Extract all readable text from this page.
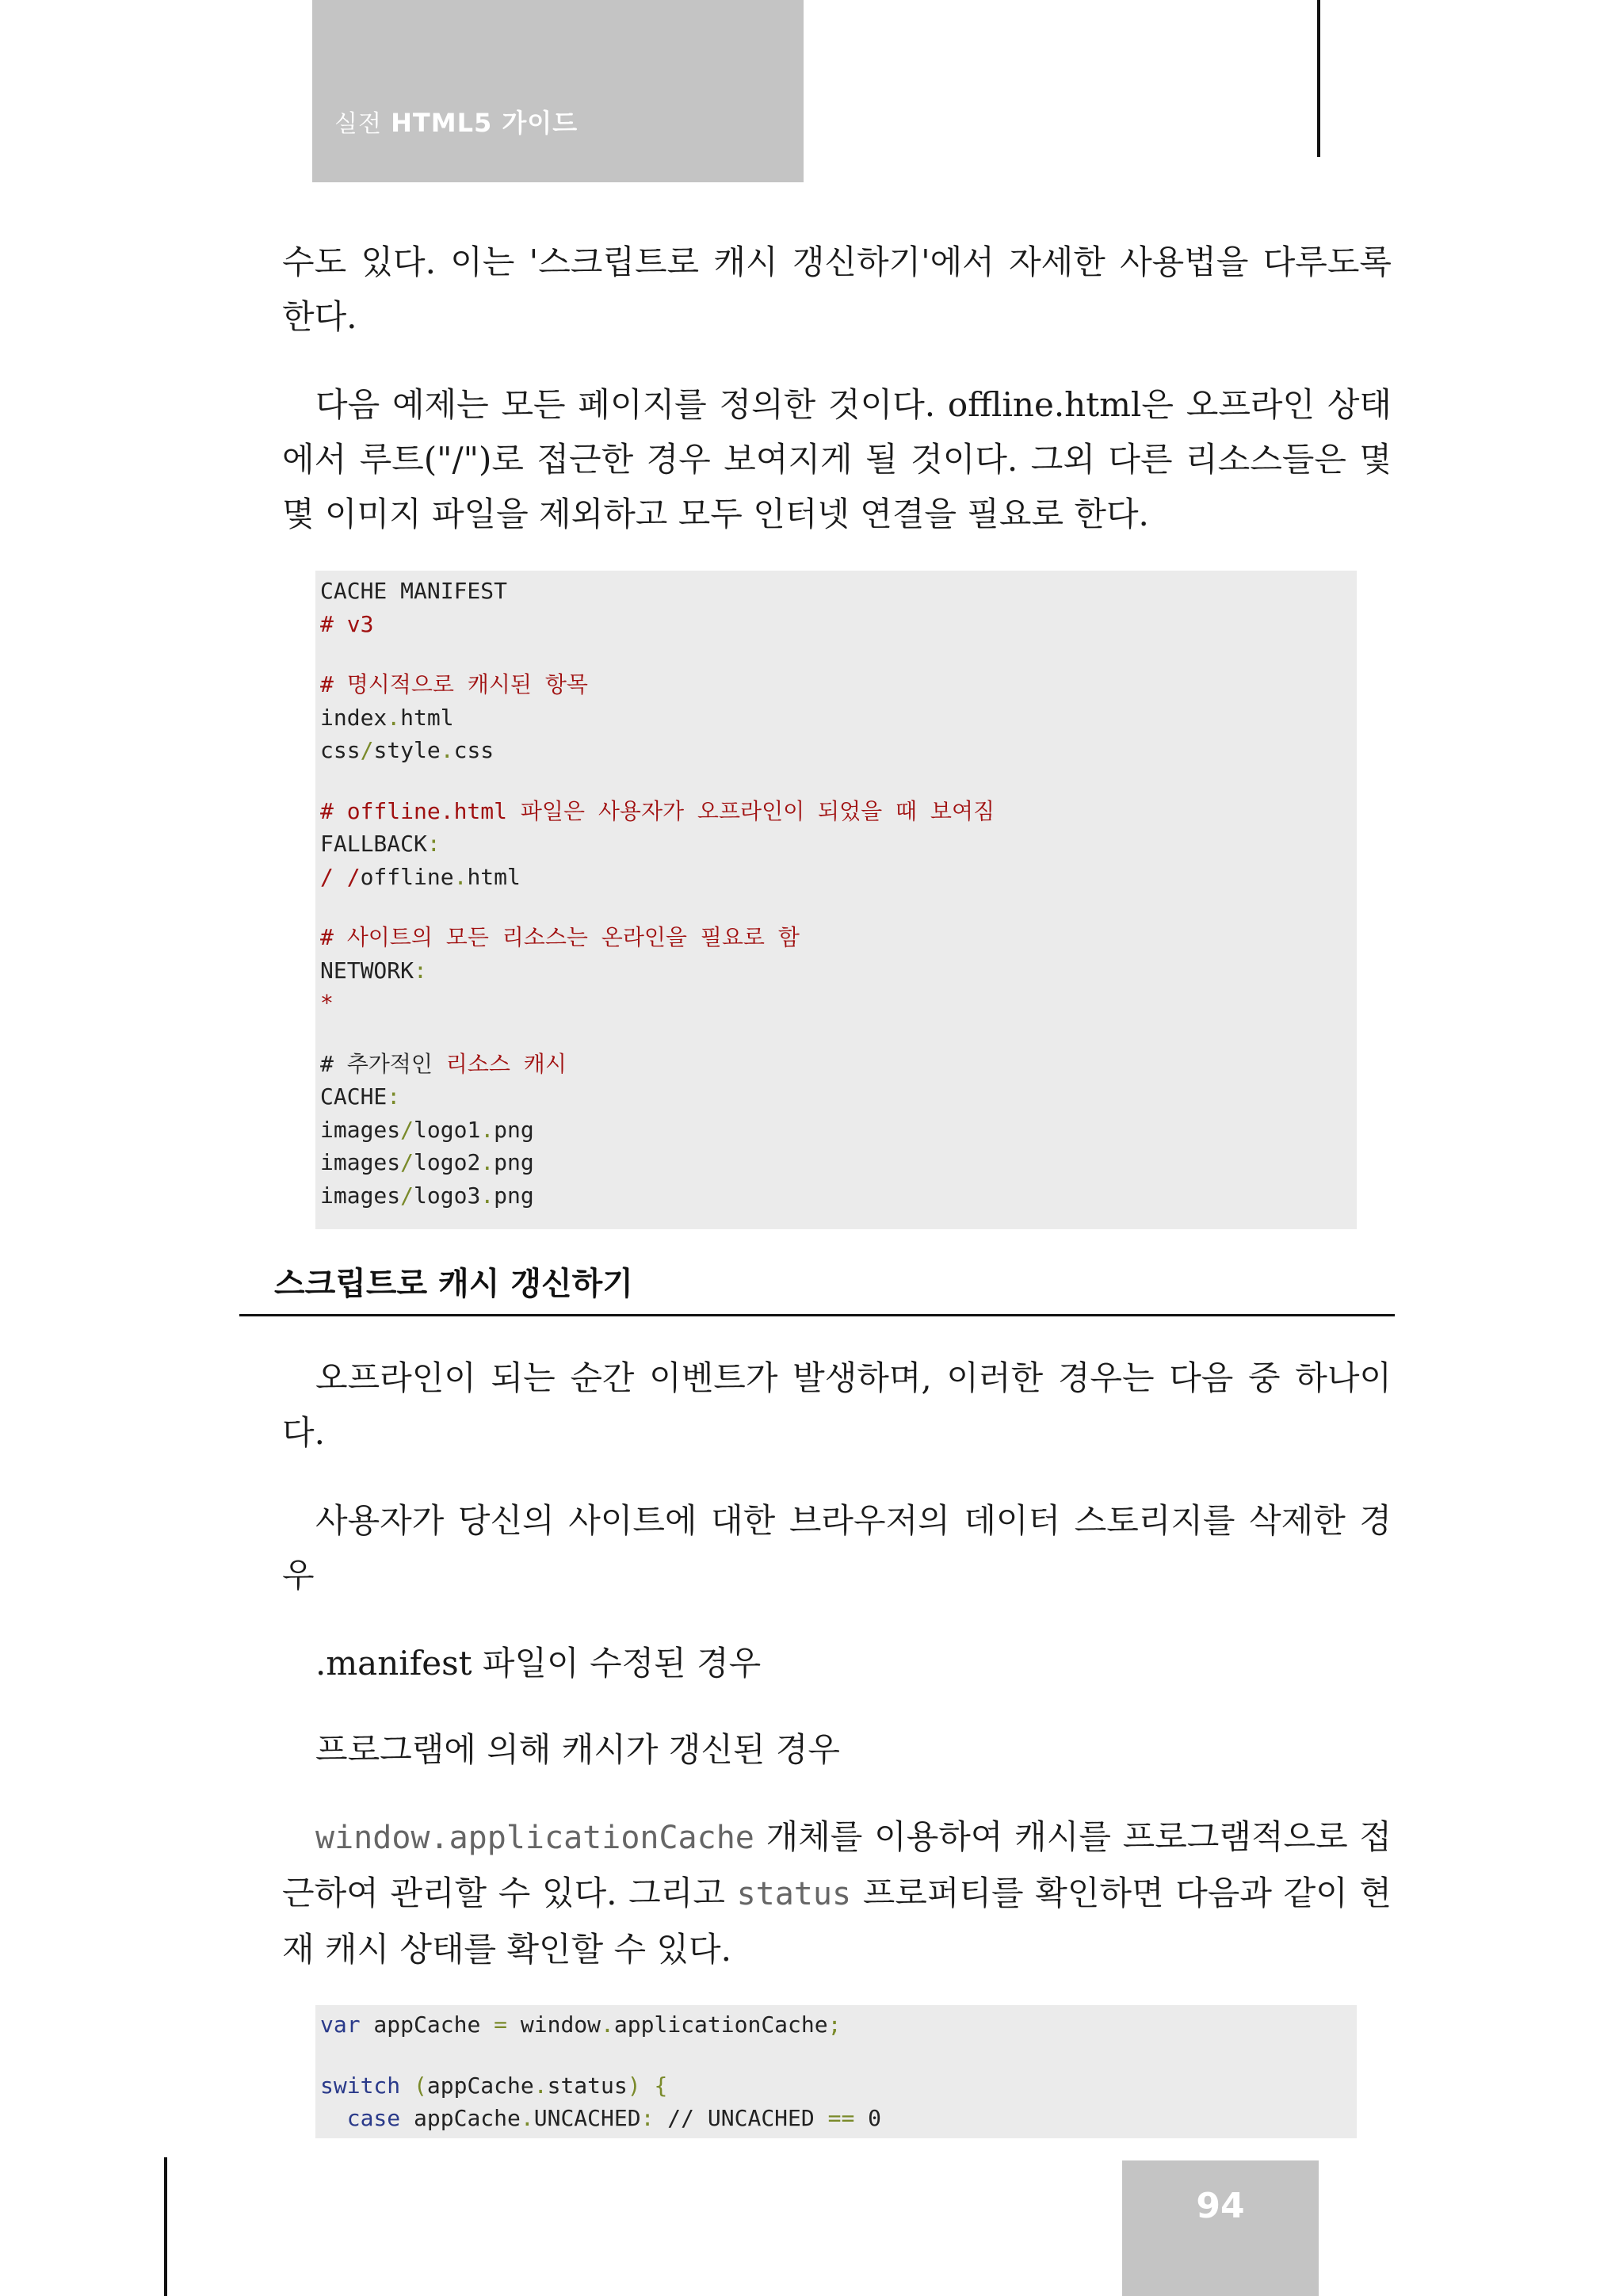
실전 HTML5 가이드

수도 있다. 이는 '스크립트로 캐시 갱신하기'에서 자세한 사용법을 다루도록 한다.

다음 예제는 모든 페이지를 정의한 것이다. offline.html은 오프라인 상태에서 루트("/")로 접근한 경우 보여지게 될 것이다. 그외 다른 리소스들은 몇몇 이미지 파일을 제외하고 모두 인터넷 연결을 필요로 한다.

CACHE MANIFEST
# v3
# 명시적으로 캐시된 항목
index.html
css/style.css
# offline.html 파일은 사용자가 오프라인이 되었을 때 보여짐
FALLBACK:
/ /offline.html
# 사이트의 모든 리소스는 온라인을 필요로 함
NETWORK:
*
# 추가적인 리소스 캐시
CACHE:
images/logo1.png
images/logo2.png
images/logo3.png
스크립트로 캐시 갱신하기

오프라인이 되는 순간 이벤트가 발생하며, 이러한 경우는 다음 중 하나이다.

사용자가 당신의 사이트에 대한 브라우저의 데이터 스토리지를 삭제한 경우

.manifest 파일이 수정된 경우

프로그램에 의해 캐시가 갱신된 경우

window.applicationCache 개체를 이용하여 캐시를 프로그램적으로 접근하여 관리할 수 있다. 그리고 status 프로퍼티를 확인하면 다음과 같이 현재 캐시 상태를 확인할 수 있다.

var appCache = window.applicationCache;
switch (appCache.status) {
case appCache.UNCACHED: // UNCACHED == 0
94
